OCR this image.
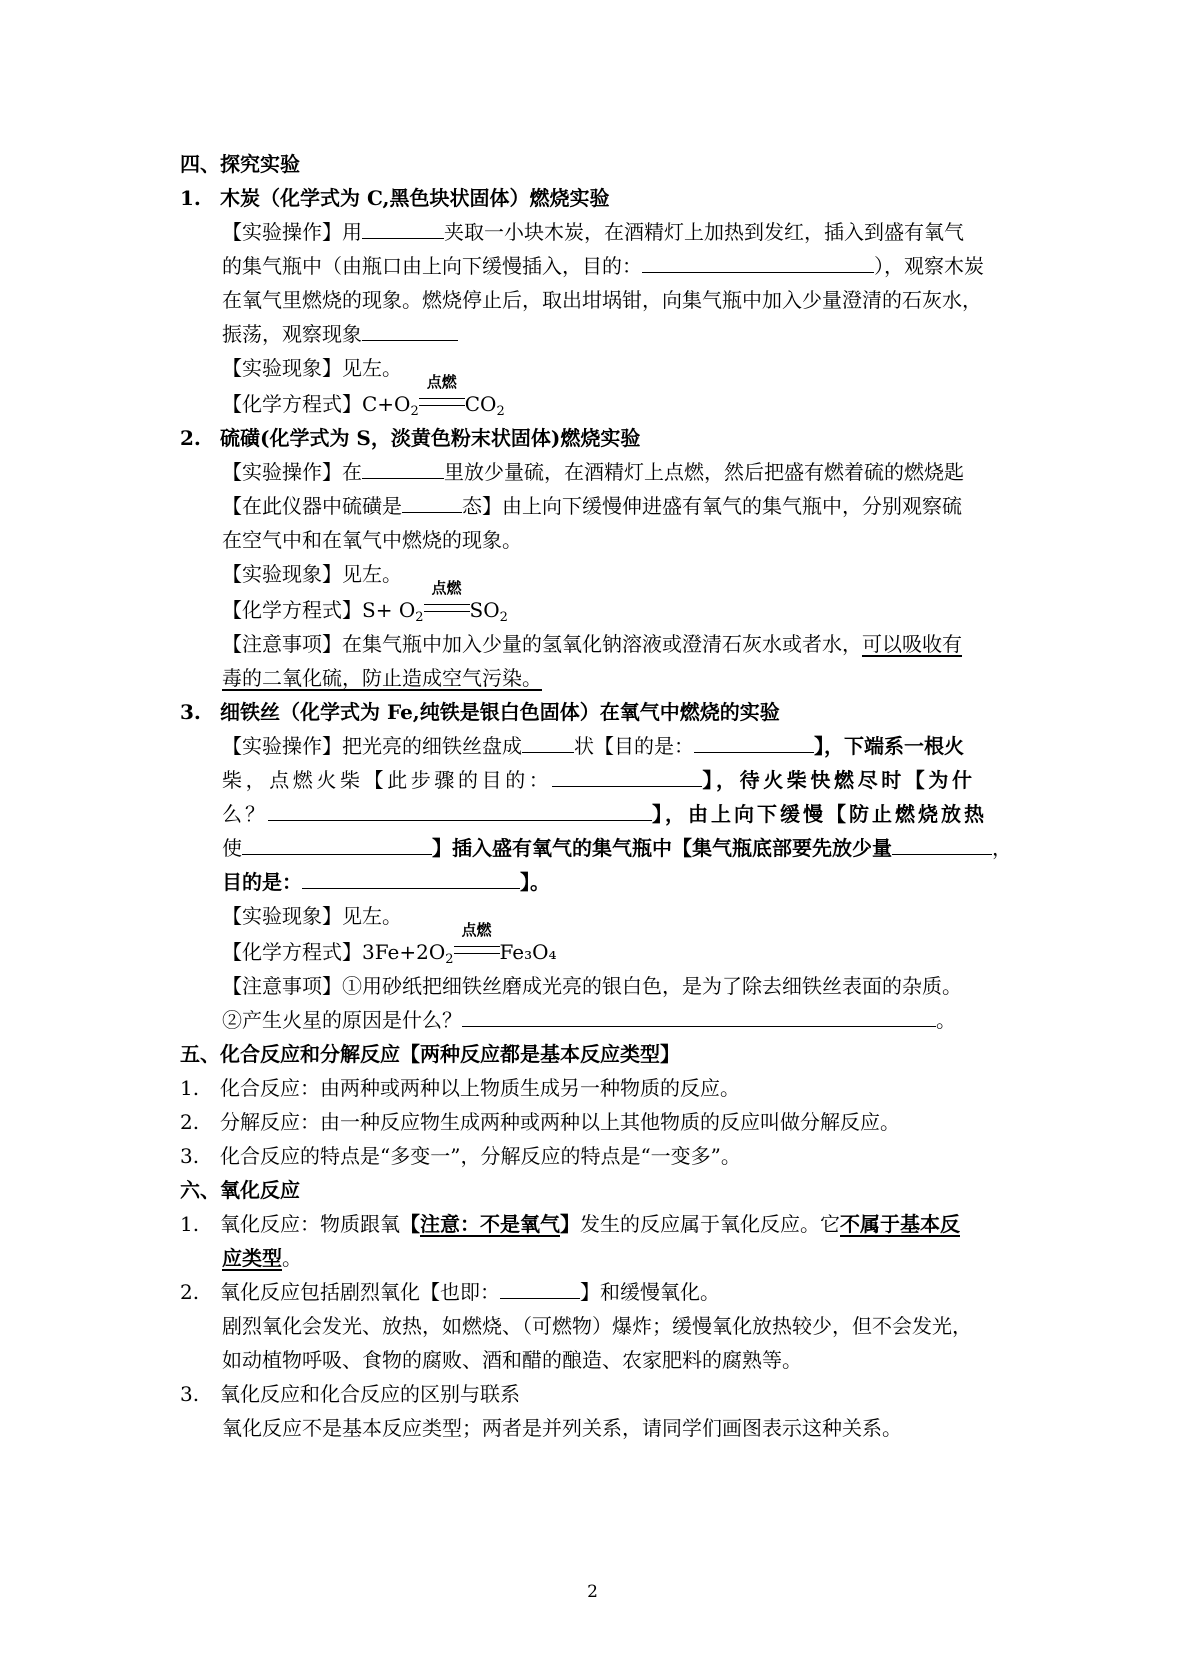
四、探究实验
1. 木炭（化学式为 C,黑色块状固体）燃烧实验
【实验操作】用	夹取一小块木炭，在酒精灯上加热到发红，插入到盛有氧气
的集气瓶中（由瓶口由上向下缓慢插入，目的：	），观察木炭
在氧气里燃烧的现象。燃烧停止后，取出坩埚钳，向集气瓶中加入少量澄清的石灰水，
振荡，观察现象
【实验现象】见左。
【化学方程式】$C+O_2$
点燃
$CO_2$
2. 硫磺(化学式为 S，淡黄色粉末状固体)燃烧实验
【实验操作】在	里放少量硫，在酒精灯上点燃，然后把盛有燃着硫的燃烧匙
【在此仪器中硫磺是	态】由上向下缓慢伸进盛有氧气的集气瓶中，分别观察硫
在空气中和在氧气中燃烧的现象。
【实验现象】见左。
【化学方程式】$S+ O_2$
点燃
$SO_2$
【注意事项】在集气瓶中加入少量的氢氧化钠溶液或澄清石灰水或者水，可以吸收有
毒的二氧化硫，防止造成空气污染。
3. 细铁丝（化学式为 Fe,纯铁是银白色固体）在氧气中燃烧的实验
【实验操作】把光亮的细铁丝盘成	状【目的是：	】，下端系一根火
柴，点燃火柴【此步骤的目的：	】，待火柴快燃尽时【为什
么？	】，由上向下缓慢【防止燃烧放热
使	】插入盛有氧气的集气瓶中【集气瓶底部要先放少量	，
目的是：	】。
【实验现象】见左。
【化学方程式】$3Fe+2O_2$
点燃
Fe₃O₄
【注意事项】①用砂纸把细铁丝磨成光亮的银白色，是为了除去细铁丝表面的杂质。
②产生火星的原因是什么？	。
五、化合反应和分解反应【两种反应都是基本反应类型】
1. 化合反应：由两种或两种以上物质生成另一种物质的反应。
2. 分解反应：由一种反应物生成两种或两种以上其他物质的反应叫做分解反应。
3. 化合反应的特点是“多变一”，分解反应的特点是“一变多”。
六、氧化反应
1. 氧化反应：物质跟氧【注意：不是氧气】发生的反应属于氧化反应。它不属于基本反
应类型。
2. 氧化反应包括剧烈氧化【也即：	】和缓慢氧化。
剧烈氧化会发光、放热，如燃烧、（可燃物）爆炸；缓慢氧化放热较少，但不会发光，
如动植物呼吸、食物的腐败、酒和醋的酿造、农家肥料的腐熟等。
3. 氧化反应和化合反应的区别与联系
氧化反应不是基本反应类型；两者是并列关系，请同学们画图表示这种关系。
2
